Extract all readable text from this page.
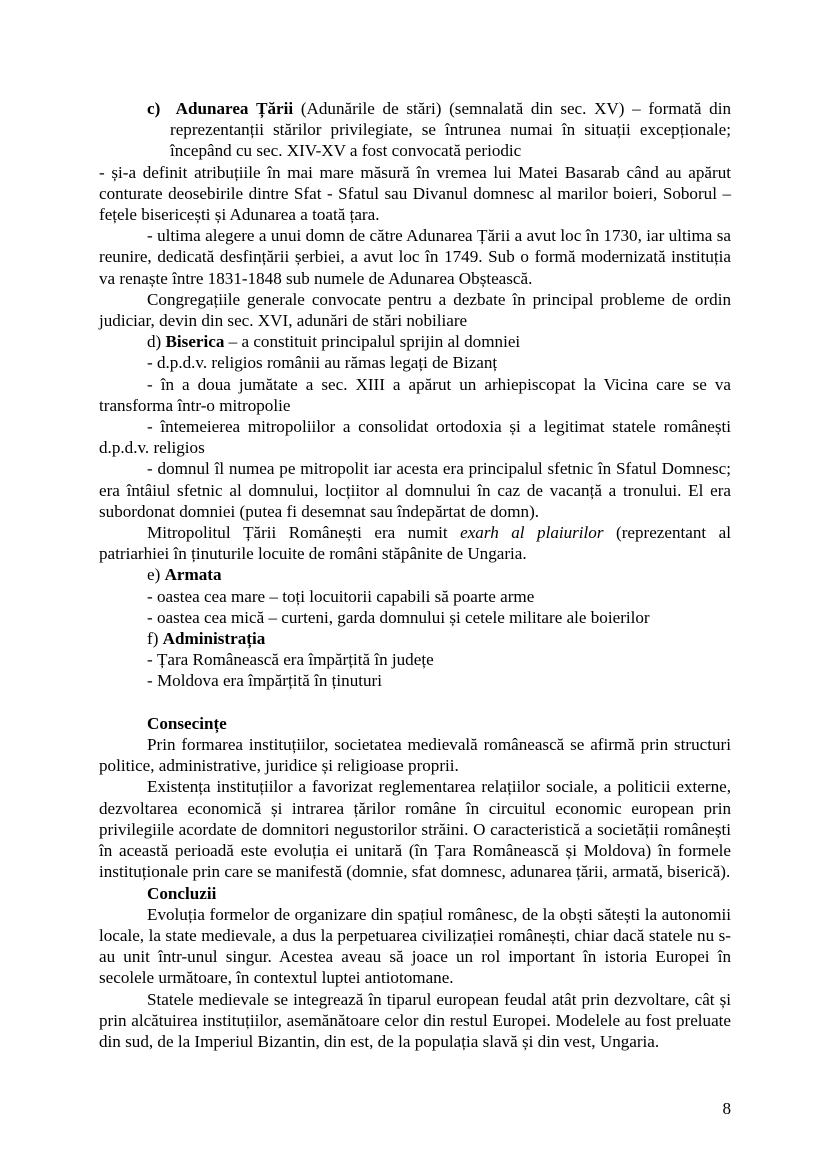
c) Adunarea Țării (Adunările de stări) (semnalată din sec. XV) – formată din reprezentanții stărilor privilegiate, se întrunea numai în situații excepționale; începând cu sec. XIV-XV a fost convocată periodic

- și-a definit atribuțiile în mai mare măsură în vremea lui Matei Basarab când au apărut conturate deosebirile dintre Sfat - Sfatul sau Divanul domnesc al marilor boieri, Soborul – fețele bisericești și Adunarea a toată țara.

- ultima alegere a unui domn de către Adunarea Țării a avut loc în 1730, iar ultima sa reunire, dedicată desfințării șerbiei, a avut loc în 1749. Sub o formă modernizată instituția va renaște între 1831-1848 sub numele de Adunarea Obștească.

Congregațiile generale convocate pentru a dezbate în principal probleme de ordin judiciar, devin din sec. XVI, adunări de stări nobiliare

d) Biserica – a constituit principalul sprijin al domniei

- d.p.d.v. religios românii au rămas legați de Bizanț

- în a doua jumătate a sec. XIII a apărut un arhiepiscopat la Vicina care se va transforma într-o mitropolie

- întemeierea mitropoliilor a consolidat ortodoxia și a legitimat statele românești d.p.d.v. religios

- domnul îl numea pe mitropolit iar acesta era principalul sfetnic în Sfatul Domnesc; era întâiul sfetnic al domnului, locțiitor al domnului în caz de vacanță a tronului. El era subordonat domniei (putea fi desemnat sau îndepărtat de domn).

Mitropolitul Țării Românești era numit exarh al plaiurilor (reprezentant al patriarhiei în ținuturile locuite de români stăpânite de Ungaria.

e) Armata

- oastea cea mare – toți locuitorii capabili să poarte arme

- oastea cea mică – curteni, garda domnului și cetele militare ale boierilor

f) Administrația

- Țara Românească era împărțită în județe

- Moldova era împărțită în ținuturi

Consecințe

Prin formarea instituțiilor, societatea medievală românească se afirmă prin structuri politice, administrative, juridice și religioase proprii.

Existența instituțiilor a favorizat reglementarea relațiilor sociale, a politicii externe, dezvoltarea economică și intrarea țărilor române în circuitul economic european prin privilegiile acordate de domnitori negustorilor străini. O caracteristică a societății românești în această perioadă este evoluția ei unitară (în Țara Românească și Moldova) în formele instituționale prin care se manifestă (domnie, sfat domnesc, adunarea țării, armată, biserică).

Concluzii

Evoluția formelor de organizare din spațiul românesc, de la obști sătești la autonomii locale, la state medievale, a dus la perpetuarea civilizației românești, chiar dacă statele nu s-au unit într-unul singur. Acestea aveau să joace un rol important în istoria Europei în secolele următoare, în contextul luptei antiotomane.

Statele medievale se integrează în tiparul european feudal atât prin dezvoltare, cât și prin alcătuirea instituțiilor, asemănătoare celor din restul Europei. Modelele au fost preluate din sud, de la Imperiul Bizantin, din est, de la populația slavă și din vest, Ungaria.

8
